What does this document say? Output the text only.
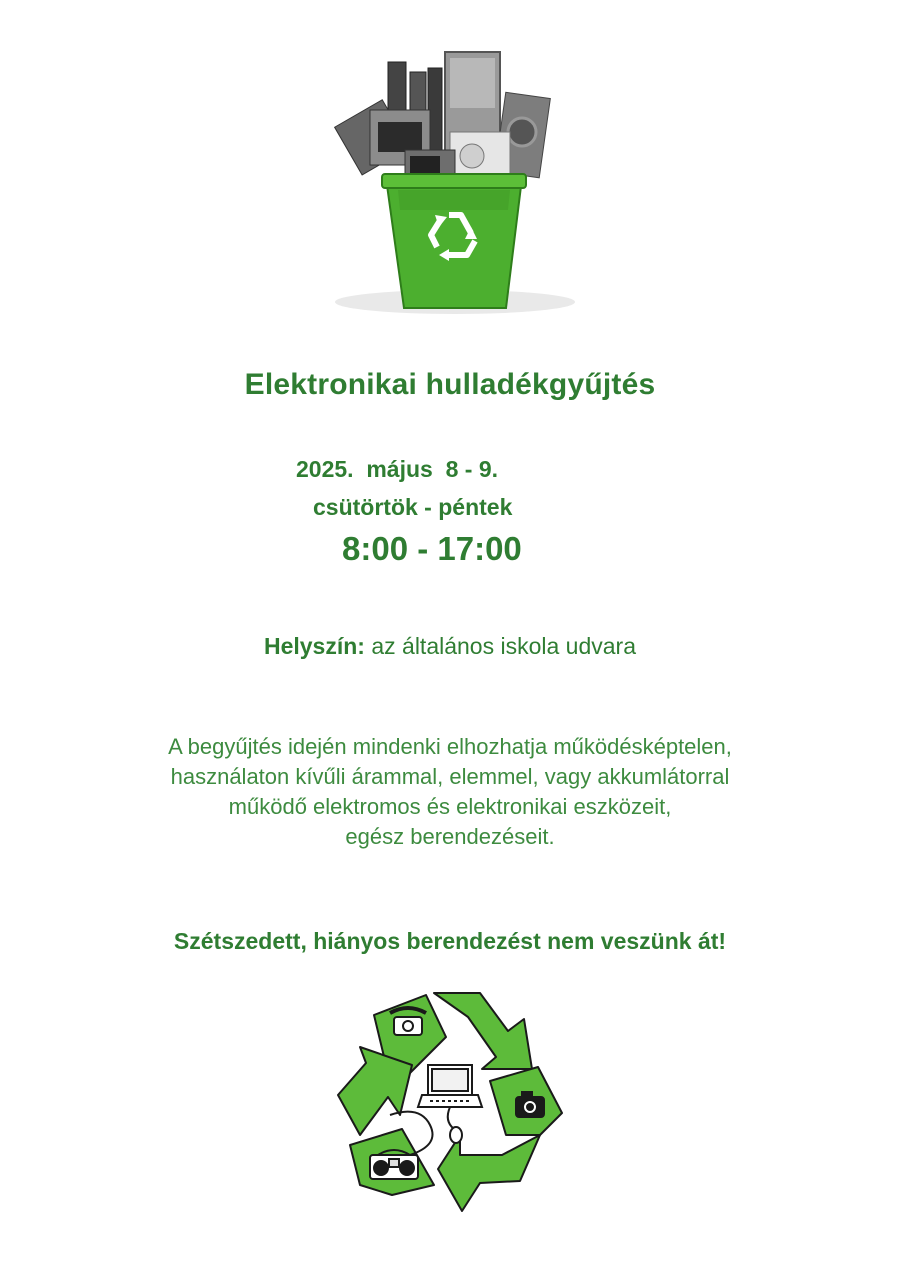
Elektronikai hulladékgyűjtés
2025. május  8 - 9.
csütörtök - péntek
8:00 - 17:00
Helyszín: az általános iskola udvara
A begyűjtés idején mindenki elhozhatja működésképtelen,
használaton kívűli árammal, elemmel, vagy akkumlátorral
működő elektromos és elektronikai eszközeit,
egész berendezéseit.
Szétszedett, hiányos berendezést nem veszünk át!
